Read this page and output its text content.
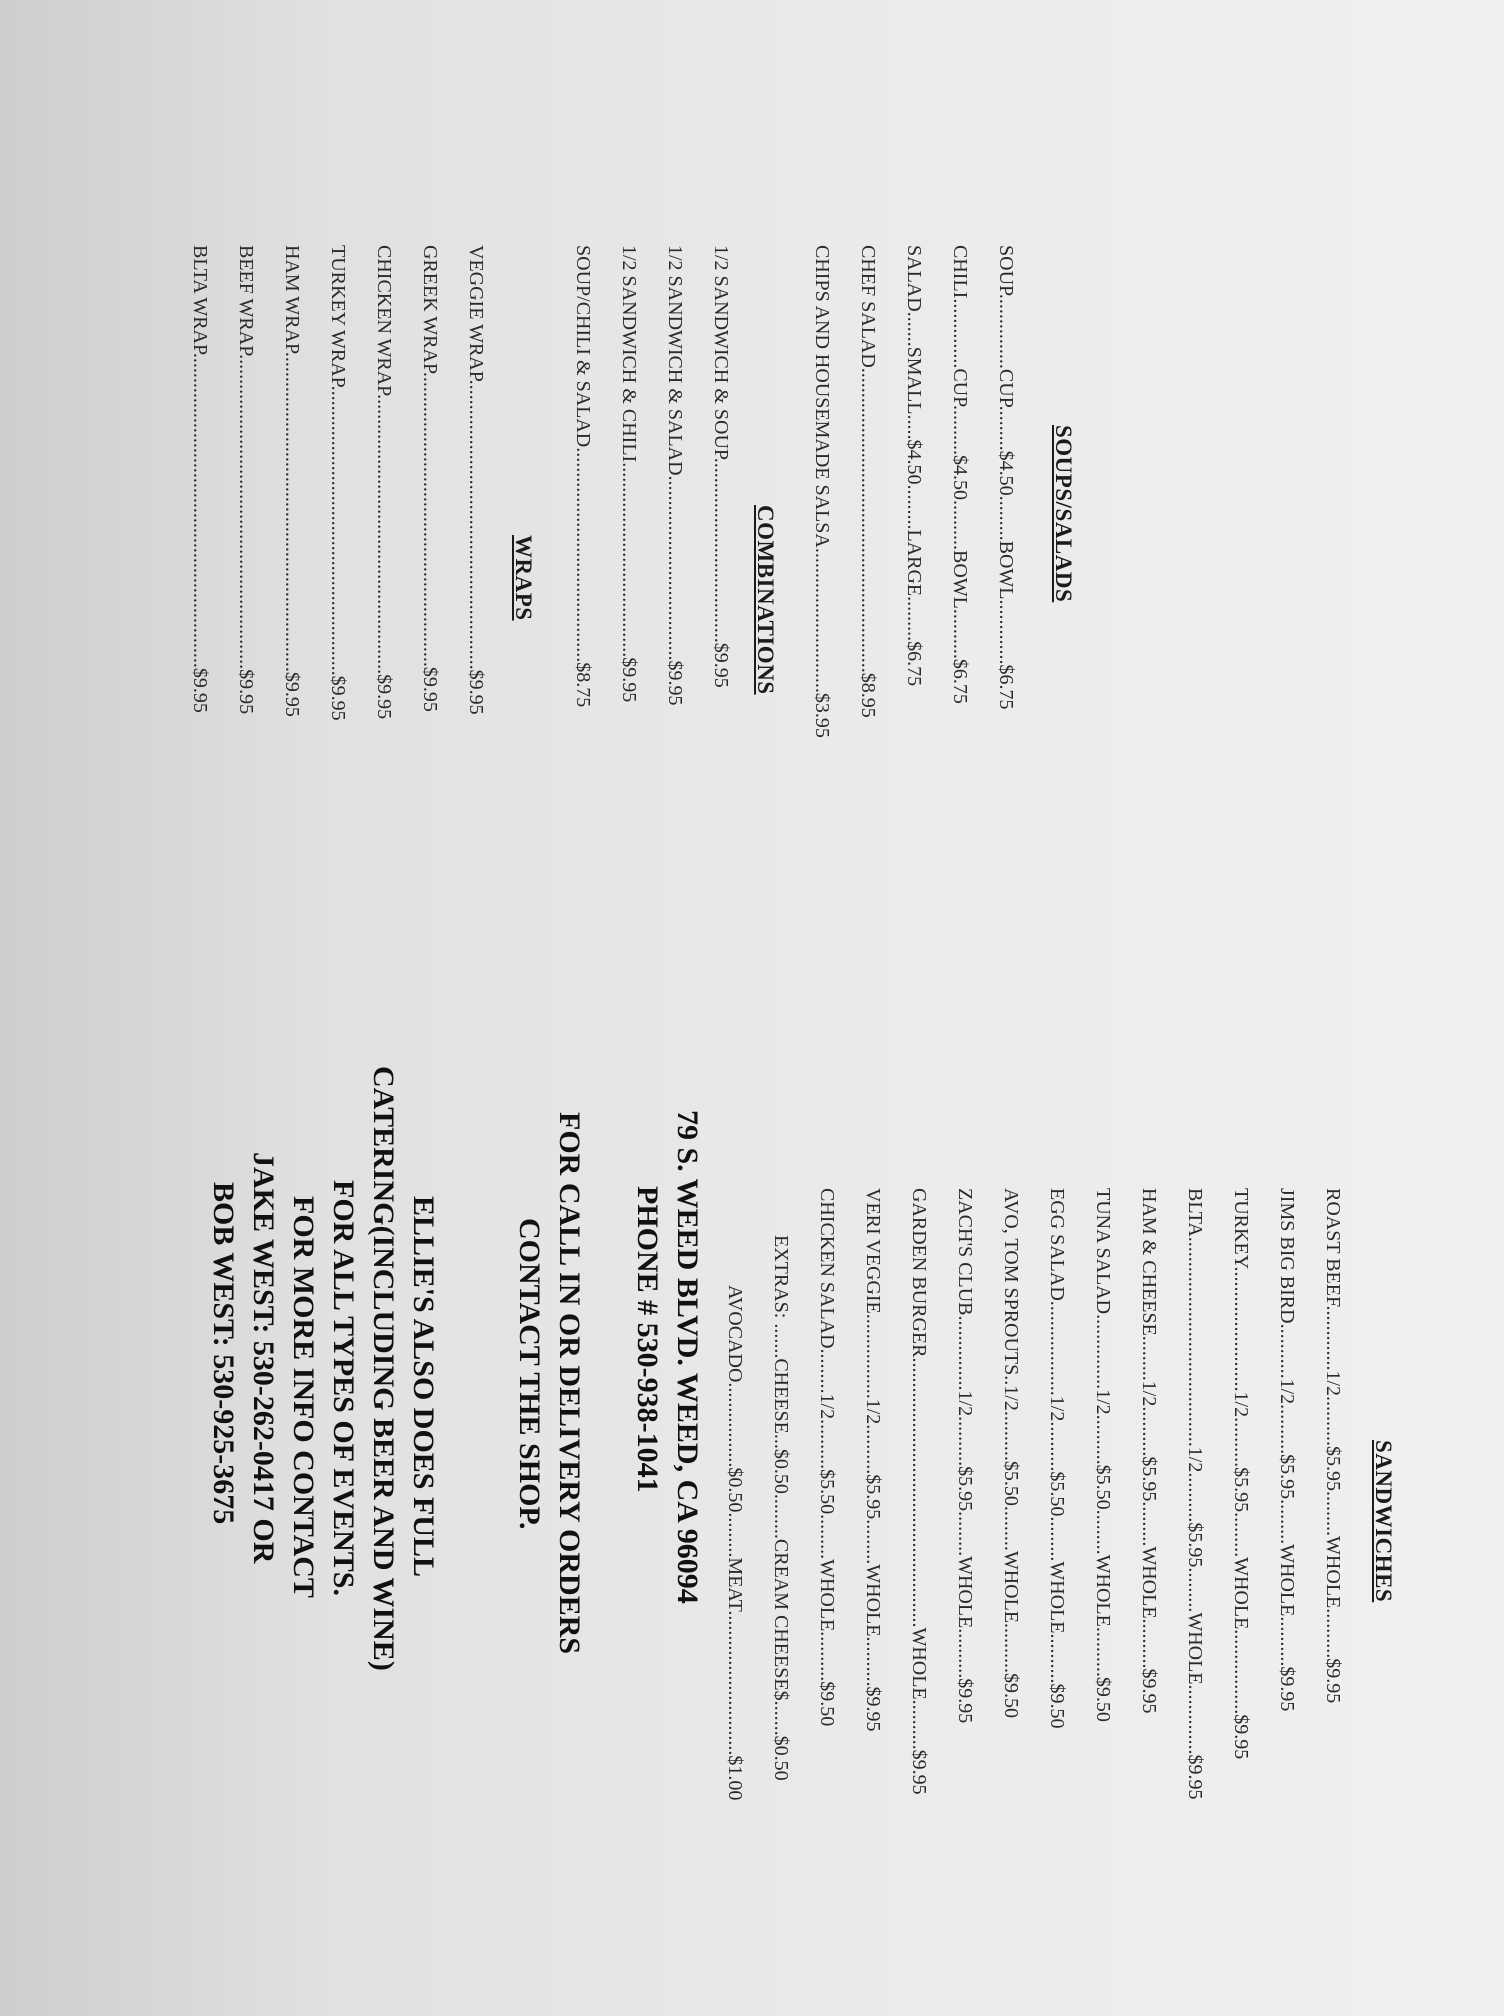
SOUPS/SALADS
SOUP...............CUP.........$4.50.........BOWL.............$6.75
CHILI..............CUP..........$4.50..........BOWL..........$6.75
SALAD.......SMALL.....$4.50.........LARGE.........$6.75
CHEF SALAD.............................................................$8.95
CHIPS AND HOUSEMADE SALSA.............................$3.95
COMBINATIONS
1/2 SANDWICH & SOUP.....................................$9.95
1/2 SANDWICH & SALAD.....................................$9.95
1/2 SANDWICH & CHILI.......................................$9.95
SOUP/CHILI & SALAD...........................................$8.75
WRAPS
VEGGIE WRAP..........................................................$9.95
GREEK WRAP...........................................................$9.95
CHICKEN WRAP........................................................$9.95
TURKEY WRAP..........................................................$9.95
HAM WRAP................................................................$9.95
BEEF WRAP...............................................................$9.95
BLTA WRAP...............................................................$9.95
SANDWICHES
ROAST BEEF.............1/2..........$5.95.........WHOLE..........$9.95
JIMS BIG BIRD...........1/2..........$5.95.........WHOLE..........$9.95
TURKEY.........................1/2..........$5.95.........WHOLE.................$9.95
BLTA..........................................1/2..........$5.95.........WHOLE..............$9.95
HAM & CHEESE.........1/2..........$5.95.........WHOLE..........$9.95
TUNA SALAD...............1/2..........$5.50.........WHOLE..........$9.50
EGG SALAD...................1/2..........$5.50.........WHOLE..........$9.50
AVO, TOM SPROUTS..1/2..........$5.50.........WHOLE..........$9.50
ZACH'S CLUB...............1/2..........$5.95.........WHOLE..........$9.95
GARDEN BURGER......................................................WHOLE..........$9.95
VERI VEGGIE.................1/2..........$5.95.........WHOLE..........$9.95
CHICKEN SALAD.........1/2..........$5.50.........WHOLE..........$9.50
EXTRAS: .......CHEESE...$0.50.........CREAM CHEESE$.......$0.50
AVOCADO.................$0.50.........MEAT.............................$1.00
79 S. WEED BLVD. WEED, CA 96094
PHONE # 530-938-1041
FOR CALL IN OR DELIVERY ORDERS
CONTACT THE SHOP.
ELLIE'S ALSO DOES FULL
CATERING(INCLUDING BEER AND WINE)
FOR ALL TYPES OF EVENTS.
FOR MORE INFO CONTACT
JAKE WEST: 530-262-0417 OR
BOB WEST: 530-925-3675
